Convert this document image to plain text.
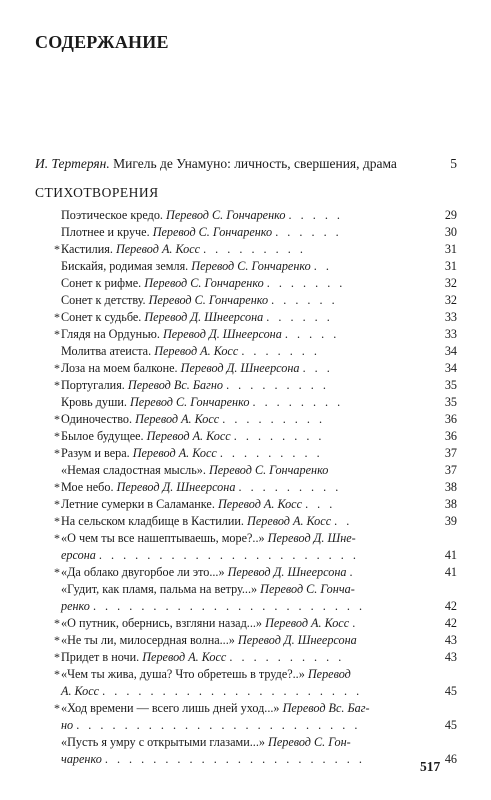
СОДЕРЖАНИЕ
И. Тертерян. Мигель де Унамуно: личность, свершения, драма	5
СТИХОТВОРЕНИЯ
Поэтическое кредо. Перевод С. Гончаренко . . . . .	29
Плотнее и круче. Перевод С. Гончаренко . . . . . .	30
* Кастилия. Перевод А. Косс . . . . . . . . .	31
Бискайя, родимая земля. Перевод С. Гончаренко . .	31
Сонет к рифме. Перевод С. Гончаренко . . . . . . .	32
Сонет к детству. Перевод С. Гончаренко . . . . . .	32
* Сонет к судьбе. Перевод Д. Шнеерсона . . . . . .	33
* Глядя на Ордунью. Перевод Д. Шнеерсона . . . . .	33
Молитва атеиста. Перевод А. Косс . . . . . . .	34
* Лоза на моем балконе. Перевод Д. Шнеерсона . . .	34
* Португалия. Перевод Вс. Багно . . . . . . . . .	35
Кровь души. Перевод С. Гончаренко . . . . . . . .	35
* Одиночество. Перевод А. Косс . . . . . . . . .	36
* Былое будущее. Перевод А. Косс . . . . . . . .	36
* Разум и вера. Перевод А. Косс . . . . . . . . .	37
«Немая сладостная мысль». Перевод С. Гончаренко	37
* Мое небо. Перевод Д. Шнеерсона . . . . . . . . .	38
* Летние сумерки в Саламанке. Перевод А. Косс . . .	38
* На сельском кладбище в Кастилии. Перевод А. Косс . .	39
* «О чем ты все нашептываешь, море?..» Перевод Д. Шне-
ерсона . . . . . . . . . . . . . . . . . . . . . .	41
* «Да облако двугорбое ли это...» Перевод Д. Шнеерсона .	41
«Гудит, как пламя, пальма на ветру...» Перевод С. Гонча-
ренко . . . . . . . . . . . . . . . . . . . . . . .	42
* «О путник, обернись, взгляни назад...» Перевод А. Косс .	42
* «Не ты ли, милосердная волна...» Перевод Д. Шнеерсона	43
* Придет в ночи. Перевод А. Косс . . . . . . . . . .	43
* «Чем ты жива, душа? Что обретешь в труде?..» Перевод
А. Косс . . . . . . . . . . . . . . . . . . . . . .	45
* «Ход времени — всего лишь дней уход...» Перевод Вс. Баг-
но . . . . . . . . . . . . . . . . . . . . . . . .	45
«Пусть я умру с открытыми глазами...» Перевод С. Гон-
чаренко . . . . . . . . . . . . . . . . . . . . . .	46
517
